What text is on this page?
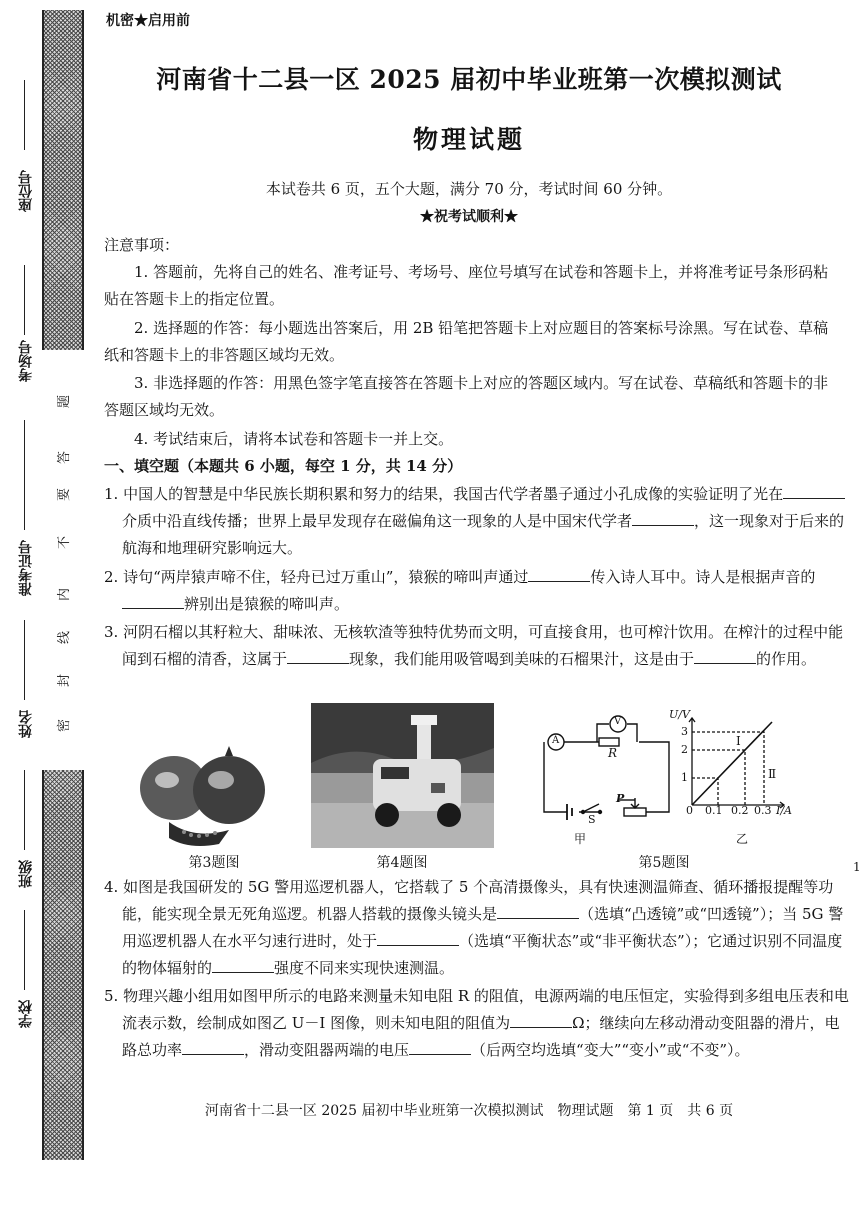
座位号
考场号
准考证号
姓名
班级
学校
题
答
要
不
内
线
封
密
机密★启用前
河南省十二县一区 2025 届初中毕业班第一次模拟测试
物理试题
本试卷共 6 页，五个大题，满分 70 分，考试时间 60 分钟。
★祝考试顺利★
注意事项：
1. 答题前，先将自己的姓名、准考证号、考场号、座位号填写在试卷和答题卡上，并将准考证号条形码粘贴在答题卡上的指定位置。
2. 选择题的作答：每小题选出答案后，用 2B 铅笔把答题卡上对应题目的答案标号涂黑。写在试卷、草稿纸和答题卡上的非答题区域均无效。
3. 非选择题的作答：用黑色签字笔直接答在答题卡上对应的答题区域内。写在试卷、草稿纸和答题卡的非答题区域均无效。
4. 考试结束后，请将本试卷和答题卡一并上交。
一、填空题（本题共 6 小题，每空 1 分，共 14 分）
1. 中国人的智慧是中华民族长期积累和努力的结果，我国古代学者墨子通过小孔成像的实验证明了光在介质中沿直线传播；世界上最早发现存在磁偏角这一现象的人是中国宋代学者	，这一现象对于后来的航海和地理研究影响远大。
2. 诗句“两岸猿声啼不住，轻舟已过万重山”，猿猴的啼叫声通过	传入诗人耳中。诗人是根据声音的辨别出是猿猴的啼叫声。
3. 河阴石榴以其籽粒大、甜味浓、无核软渣等独特优势而文明，可直接食用，也可榨汁饮用。在榨汁的过程中能闻到石榴的清香，这属于	现象，我们能用吸管喝到美味的石榴果汁，这是由于	的作用。
第3题图	第4题图
A
V
R
P
S
甲
U/V
3
2
1
0 0.1 0.2 0.3 I/A
Ⅰ
Ⅱ
乙
第5题图
4. 如图是我国研发的 5G 警用巡逻机器人，它搭载了 5 个高清摄像头，具有快速测温筛查、循环播报提醒等功能，能实现全景无死角巡逻。机器人搭载的摄像头镜头是	（选填“凸透镜”或“凹透镜”）；当 5G 警用巡逻机器人在水平匀速行进时，处于	（选填“平衡状态”或“非平衡状态”）；它通过识别不同温度的物体辐射的	强度不同来实现快速测温。
5. 物理兴趣小组用如图甲所示的电路来测量未知电阻 R 的阻值，电源两端的电压恒定，实验得到多组电压表和电流表示数，绘制成如图乙 U－I 图像，则未知电阻的阻值为	Ω；继续向左移动滑动变阻器的滑片，电路总功率	，滑动变阻器两端的电压	（后两空均选填“变大”“变小”或“不变”）。
河南省十二县一区 2025 届初中毕业班第一次模拟测试　物理试题　第 1 页　共 6 页
1
